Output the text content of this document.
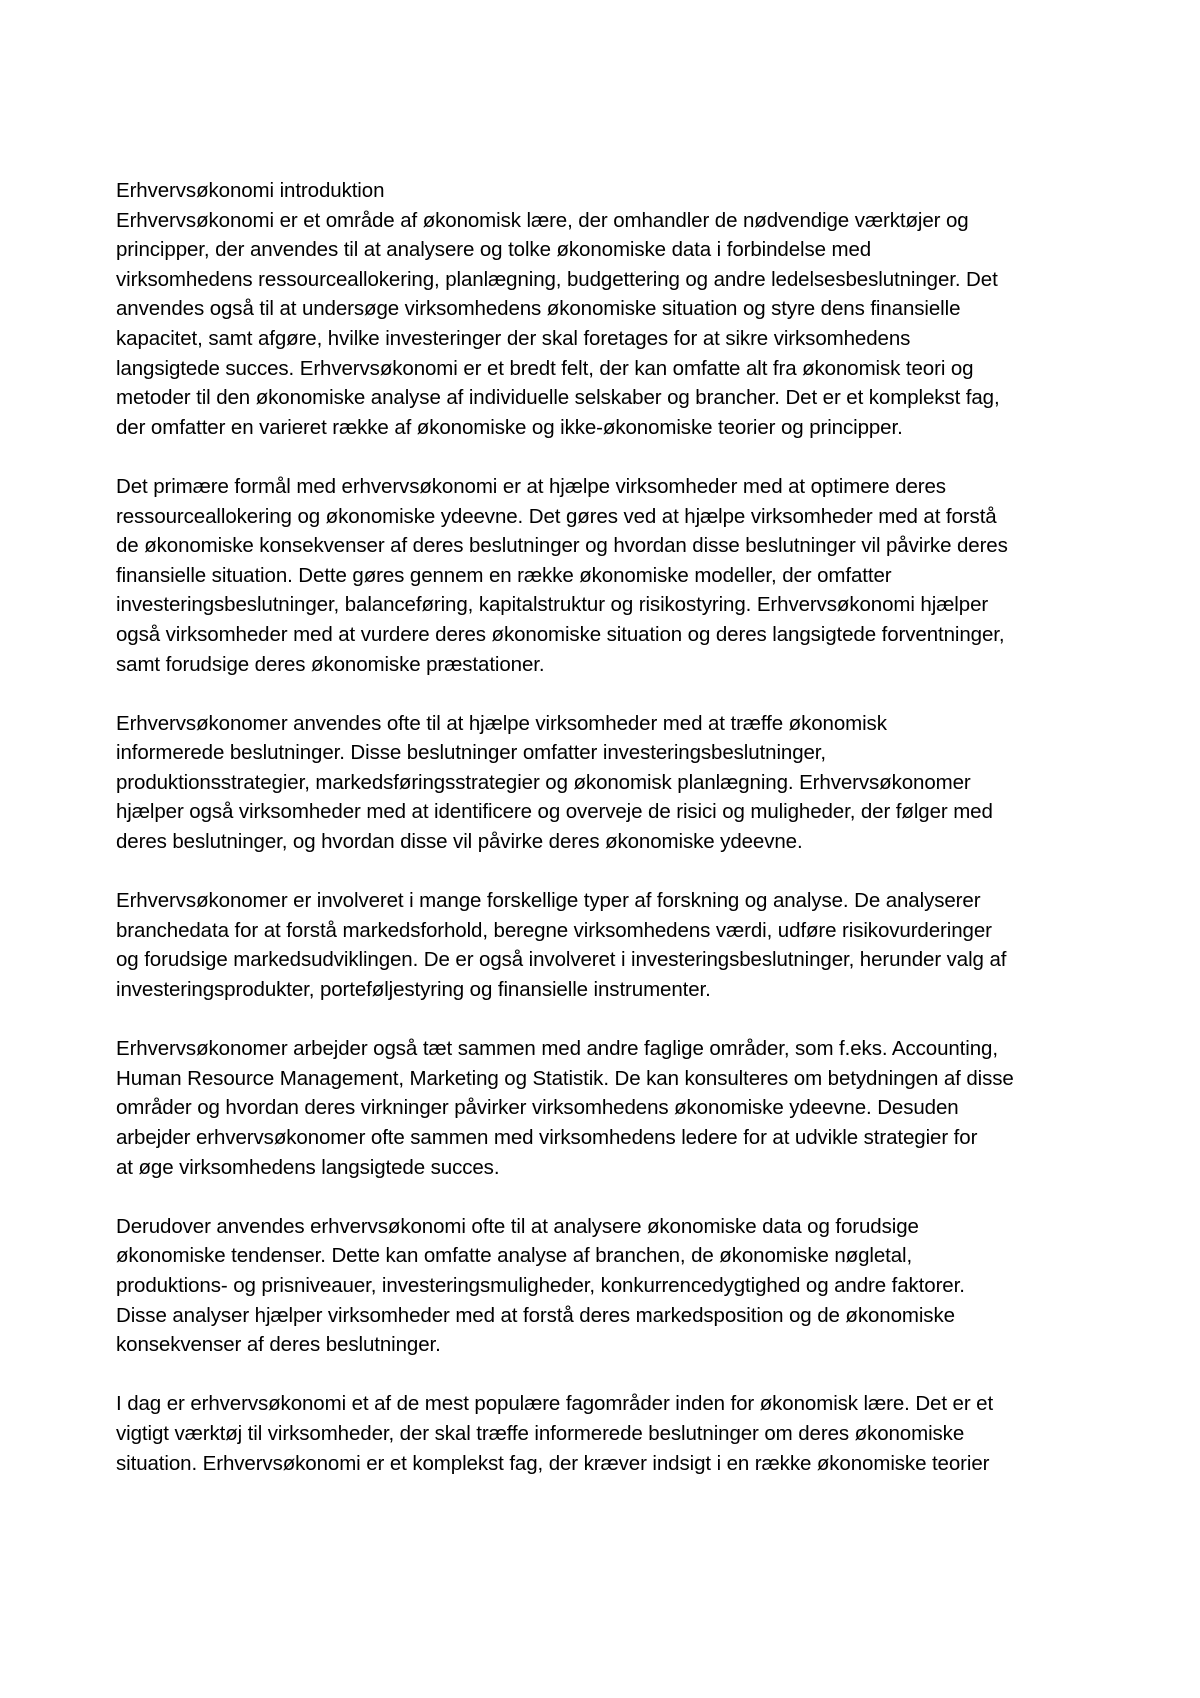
Erhvervsøkonomi introduktion
Erhvervsøkonomi er et område af økonomisk lære, der omhandler de nødvendige værktøjer og
principper, der anvendes til at analysere og tolke økonomiske data i forbindelse med
virksomhedens ressourceallokering, planlægning, budgettering og andre ledelsesbeslutninger. Det
anvendes også til at undersøge virksomhedens økonomiske situation og styre dens finansielle
kapacitet, samt afgøre, hvilke investeringer der skal foretages for at sikre virksomhedens
langsigtede succes. Erhvervsøkonomi er et bredt felt, der kan omfatte alt fra økonomisk teori og
metoder til den økonomiske analyse af individuelle selskaber og brancher. Det er et komplekst fag,
der omfatter en varieret række af økonomiske og ikke-økonomiske teorier og principper.
Det primære formål med erhvervsøkonomi er at hjælpe virksomheder med at optimere deres
ressourceallokering og økonomiske ydeevne. Det gøres ved at hjælpe virksomheder med at forstå
de økonomiske konsekvenser af deres beslutninger og hvordan disse beslutninger vil påvirke deres
finansielle situation. Dette gøres gennem en række økonomiske modeller, der omfatter
investeringsbeslutninger, balanceføring, kapitalstruktur og risikostyring. Erhvervsøkonomi hjælper
også virksomheder med at vurdere deres økonomiske situation og deres langsigtede forventninger,
samt forudsige deres økonomiske præstationer.
Erhvervsøkonomer anvendes ofte til at hjælpe virksomheder med at træffe økonomisk
informerede beslutninger. Disse beslutninger omfatter investeringsbeslutninger,
produktionsstrategier, markedsføringsstrategier og økonomisk planlægning. Erhvervsøkonomer
hjælper også virksomheder med at identificere og overveje de risici og muligheder, der følger med
deres beslutninger, og hvordan disse vil påvirke deres økonomiske ydeevne.
Erhvervsøkonomer er involveret i mange forskellige typer af forskning og analyse. De analyserer
branchedata for at forstå markedsforhold, beregne virksomhedens værdi, udføre risikovurderinger
og forudsige markedsudviklingen. De er også involveret i investeringsbeslutninger, herunder valg af
investeringsprodukter, porteføljestyring og finansielle instrumenter.
Erhvervsøkonomer arbejder også tæt sammen med andre faglige områder, som f.eks. Accounting,
Human Resource Management, Marketing og Statistik. De kan konsulteres om betydningen af disse
områder og hvordan deres virkninger påvirker virksomhedens økonomiske ydeevne. Desuden
arbejder erhvervsøkonomer ofte sammen med virksomhedens ledere for at udvikle strategier for
at øge virksomhedens langsigtede succes.
Derudover anvendes erhvervsøkonomi ofte til at analysere økonomiske data og forudsige
økonomiske tendenser. Dette kan omfatte analyse af branchen, de økonomiske nøgletal,
produktions- og prisniveauer, investeringsmuligheder, konkurrencedygtighed og andre faktorer.
Disse analyser hjælper virksomheder med at forstå deres markedsposition og de økonomiske
konsekvenser af deres beslutninger.
I dag er erhvervsøkonomi et af de mest populære fagområder inden for økonomisk lære. Det er et
vigtigt værktøj til virksomheder, der skal træffe informerede beslutninger om deres økonomiske
situation. Erhvervsøkonomi er et komplekst fag, der kræver indsigt i en række økonomiske teorier
